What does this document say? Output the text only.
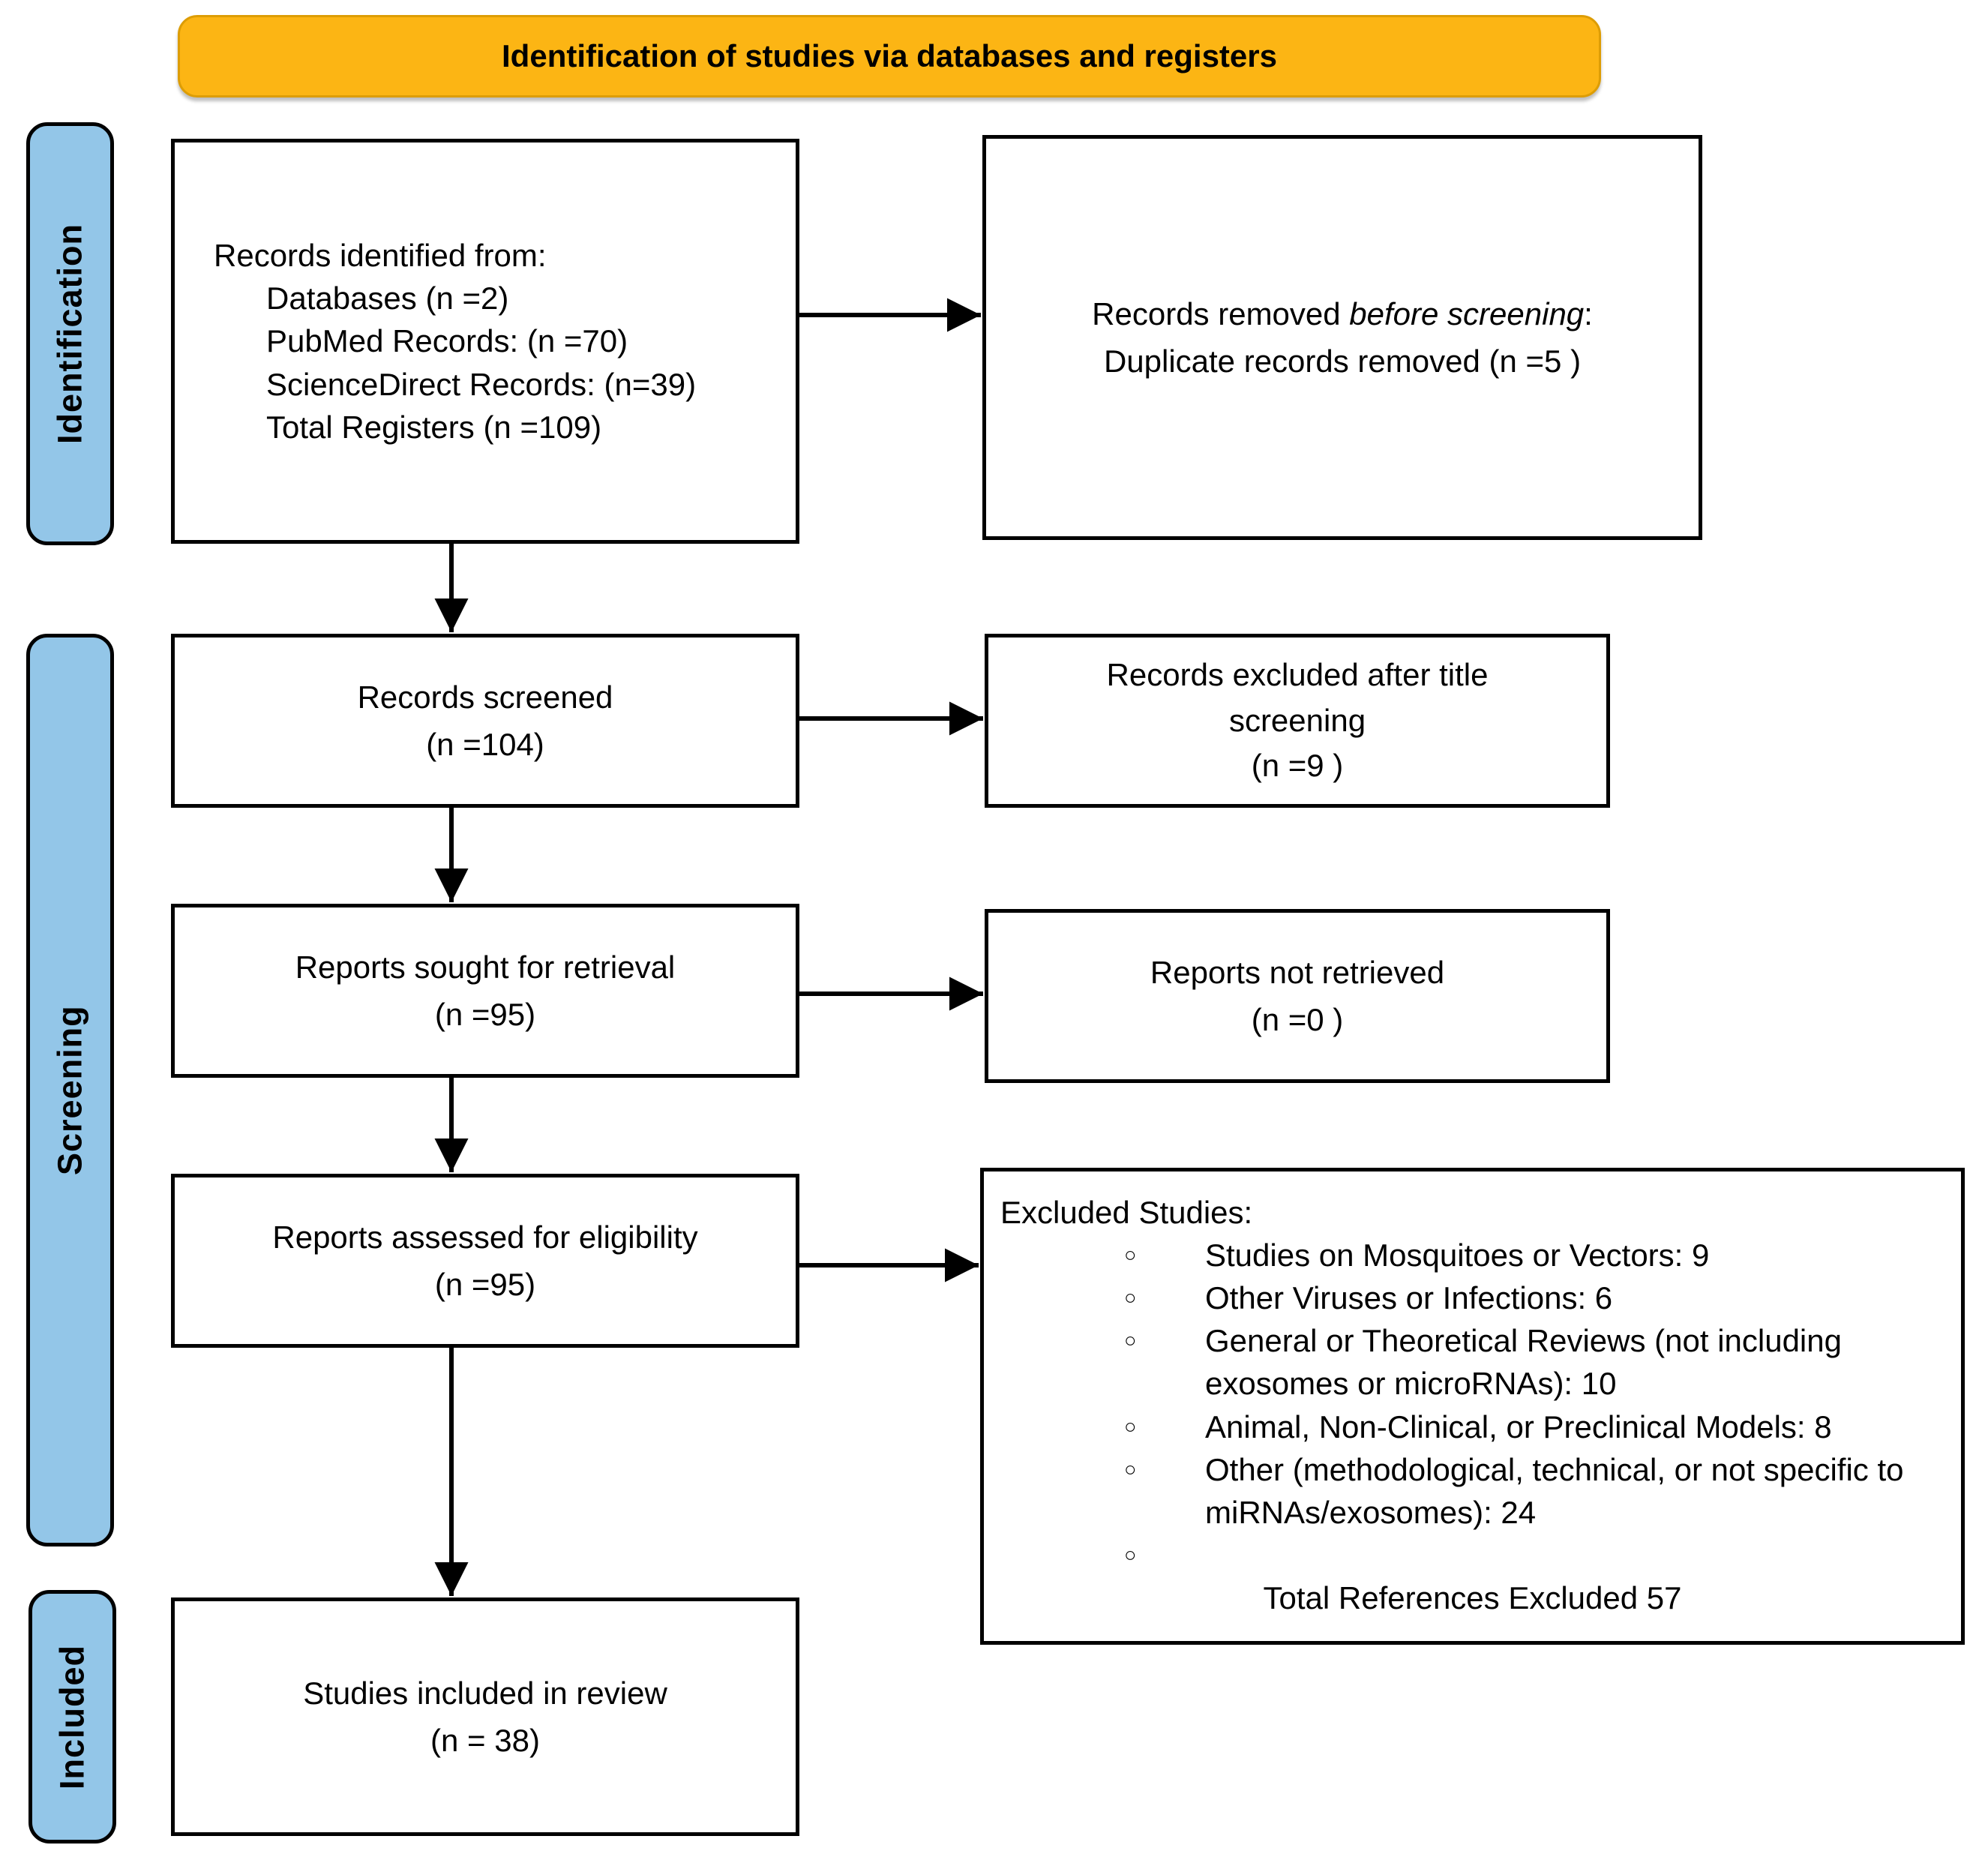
Identification of studies via databases and registers
Identification
Screening
Included
Records identified from:
Databases (n =2)
PubMed Records: (n =70)
ScienceDirect Records: (n=39)
Total Registers (n =109)
Records removed before screening:
Duplicate records removed (n =5 )
Records screened
(n =104)
Records excluded after title
screening
(n =9 )
Reports sought for retrieval
(n =95)
Reports not retrieved
(n =0 )
Reports assessed for eligibility
(n =95)
Excluded Studies:
○	Studies on Mosquitoes or Vectors: 9
○	Other Viruses or Infections: 6
○	General or Theoretical Reviews (not including exosomes or microRNAs): 10
○	Animal, Non-Clinical, or Preclinical Models: 8
○	Other (methodological, technical, or not specific to miRNAs/exosomes): 24
○
Total References Excluded 57
Studies included in review
(n = 38)
